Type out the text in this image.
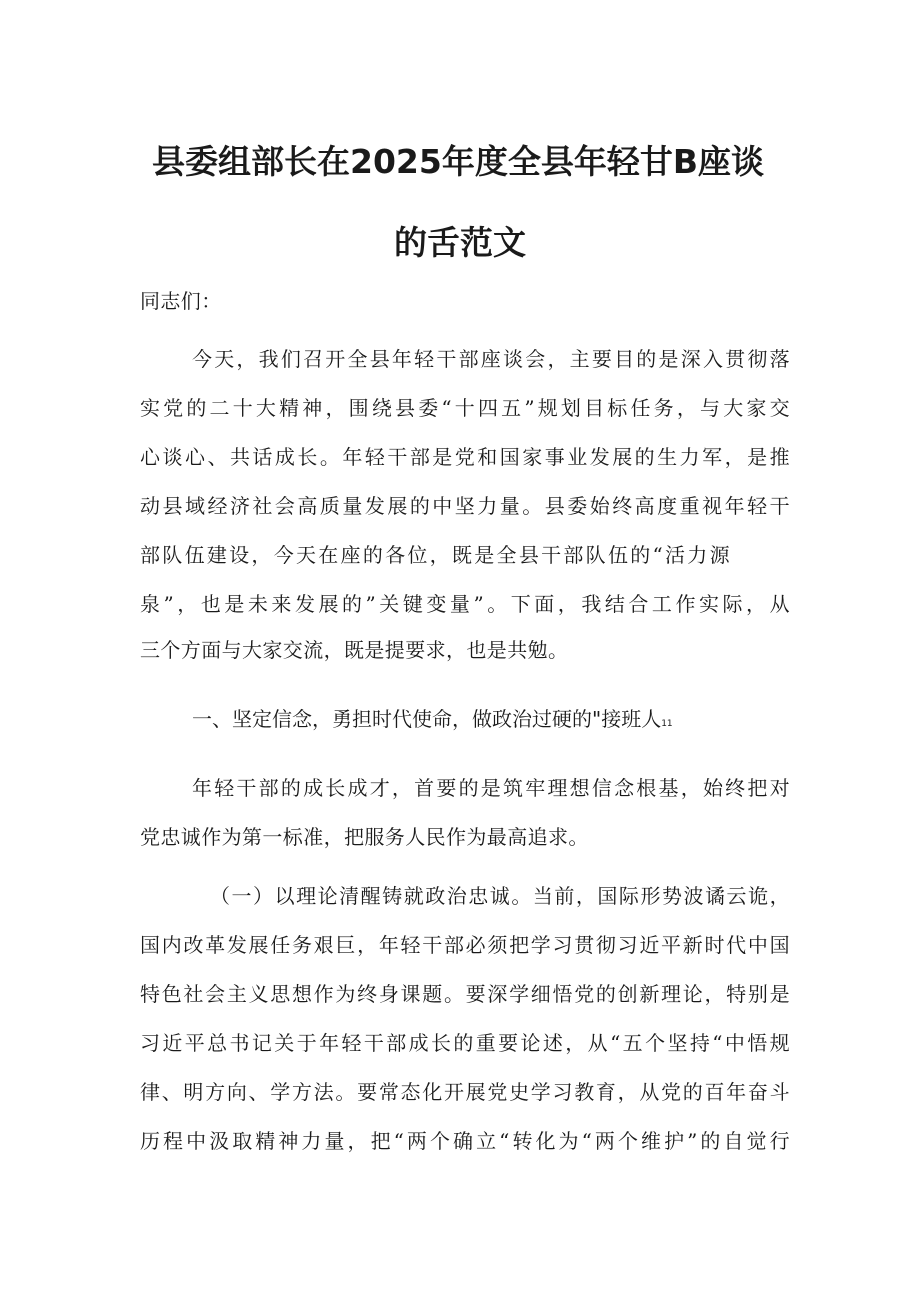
县委组部长在2025年度全县年轻甘B座谈
的舌范文
同志们：
今天，我们召开全县年轻干部座谈会，主要目的是深入贯彻落
实党的二十大精神，围绕县委“十四五”规划目标任务，与大家交
心谈心、共话成长。年轻干部是党和国家事业发展的生力军，是推
动县域经济社会高质量发展的中坚力量。县委始终高度重视年轻干
部队伍建设，今天在座的各位，既是全县干部队伍的“活力源
泉”，也是未来发展的”关键变量”。下面，我结合工作实际，从
三个方面与大家交流，既是提要求，也是共勉。
一、坚定信念，勇担时代使命，做政治过硬的"接班人11
年轻干部的成长成才，首要的是筑牢理想信念根基，始终把对
党忠诚作为第一标准，把服务人民作为最高追求。
（一）以理论清醒铸就政治忠诚。当前，国际形势波谲云诡，
国内改革发展任务艰巨，年轻干部必须把学习贯彻习近平新时代中国
特色社会主义思想作为终身课题。要深学细悟党的创新理论，特别是
习近平总书记关于年轻干部成长的重要论述，从“五个坚持“中悟规
律、明方向、学方法。要常态化开展党史学习教育，从党的百年奋斗
历程中汲取精神力量，把“两个确立“转化为“两个维护”的自觉行
